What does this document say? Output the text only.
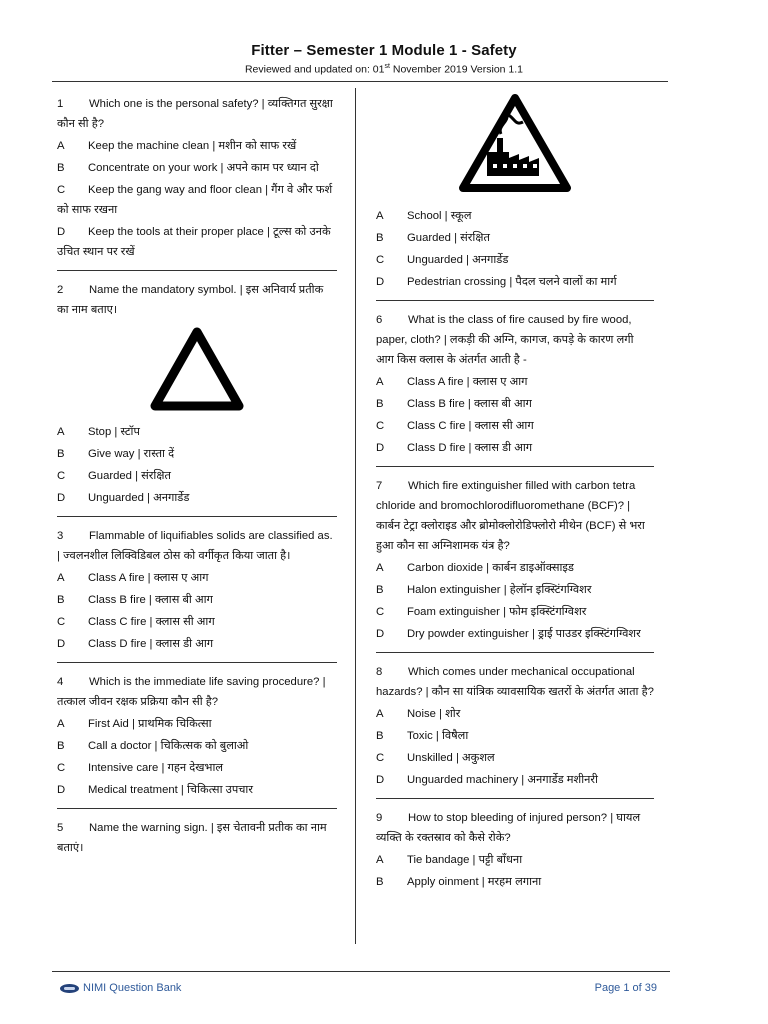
Fitter – Semester 1 Module 1 - Safety
Reviewed and updated on: 01st November 2019 Version 1.1
1 Which one is the personal safety? | व्यक्तिगत सुरक्षा कौन सी है?
A	Keep the machine clean | मशीन को साफ रखें
B Concentrate on your work | अपने काम पर ध्यान दो
C Keep the gang way and floor clean | गैंग वे और फर्श को साफ रखना
D Keep the tools at their proper place | टूल्स को उनके उचित स्थान पर रखें
2 Name the mandatory symbol. | इस अनिवार्य प्रतीक का नाम बताए।
A	Stop | स्टॉप
B	Give way | रास्ता दें
C	Guarded | संरक्षित
D	Unguarded | अनगार्डेड
3 Flammable of liquifiables solids are classified as. | ज्वलनशील लिक्विडिबल ठोस को वर्गीकृत किया जाता है।
A	Class A fire | क्लास ए आग
B	Class B fire | क्लास बी आग
C	Class C fire | क्लास सी आग
D	Class D fire | क्लास डी आग
4 Which is the immediate life saving procedure? | तत्काल जीवन रक्षक प्रक्रिया कौन सी है?
A	First Aid | प्राथमिक चिकित्सा
B	Call a doctor | चिकित्सक को बुलाओ
C	Intensive care | गहन देखभाल
D	Medical treatment | चिकित्सा उपचार
5 Name the warning sign. | इस चेतावनी प्रतीक का नाम बताएं।
A	School | स्कूल
B	Guarded | संरक्षित
C	Unguarded | अनगार्डेड
D	Pedestrian crossing | पैदल चलने वालों का मार्ग
6 What is the class of fire caused by fire wood, paper, cloth? | लकड़ी की अग्नि, कागज, कपड़े के कारण लगी आग किस क्लास के अंतर्गत आती है -
A	Class A fire | क्लास ए आग
B	Class B fire | क्लास बी आग
C	Class C fire | क्लास सी आग
D	Class D fire | क्लास डी आग
7 Which fire extinguisher filled with carbon tetra chloride and bromochlorodifluoromethane (BCF)? | कार्बन टेट्रा क्लोराइड और ब्रोमोक्लोरोडिफ्लोरो मीथेन (BCF) से भरा हुआ कौन सा अग्निशामक यंत्र है?
A	Carbon dioxide | कार्बन डाइऑक्साइड
B	Halon extinguisher | हेलॉन इक्स्टिंगग्विशर
C	Foam extinguisher | फोम इक्स्टिंगग्विशर
D Dry powder extinguisher | ड्राई पाउडर इक्स्टिंगग्विशर
8 Which comes under mechanical occupational hazards? | कौन सा यांत्रिक व्यावसायिक खतरों के अंतर्गत आता है?
A	Noise | शोर
B	Toxic | विषैला
C	Unskilled | अकुशल
D	Unguarded machinery | अनगार्डेड मशीनरी
9 How to stop bleeding of injured person? | घायल व्यक्ति के रक्तस्राव को कैसे रोके?
A	Tie bandage | पट्टी बाँधना
B	Apply oinment | मरहम लगाना
NIMI Question Bank	Page 1 of 39
